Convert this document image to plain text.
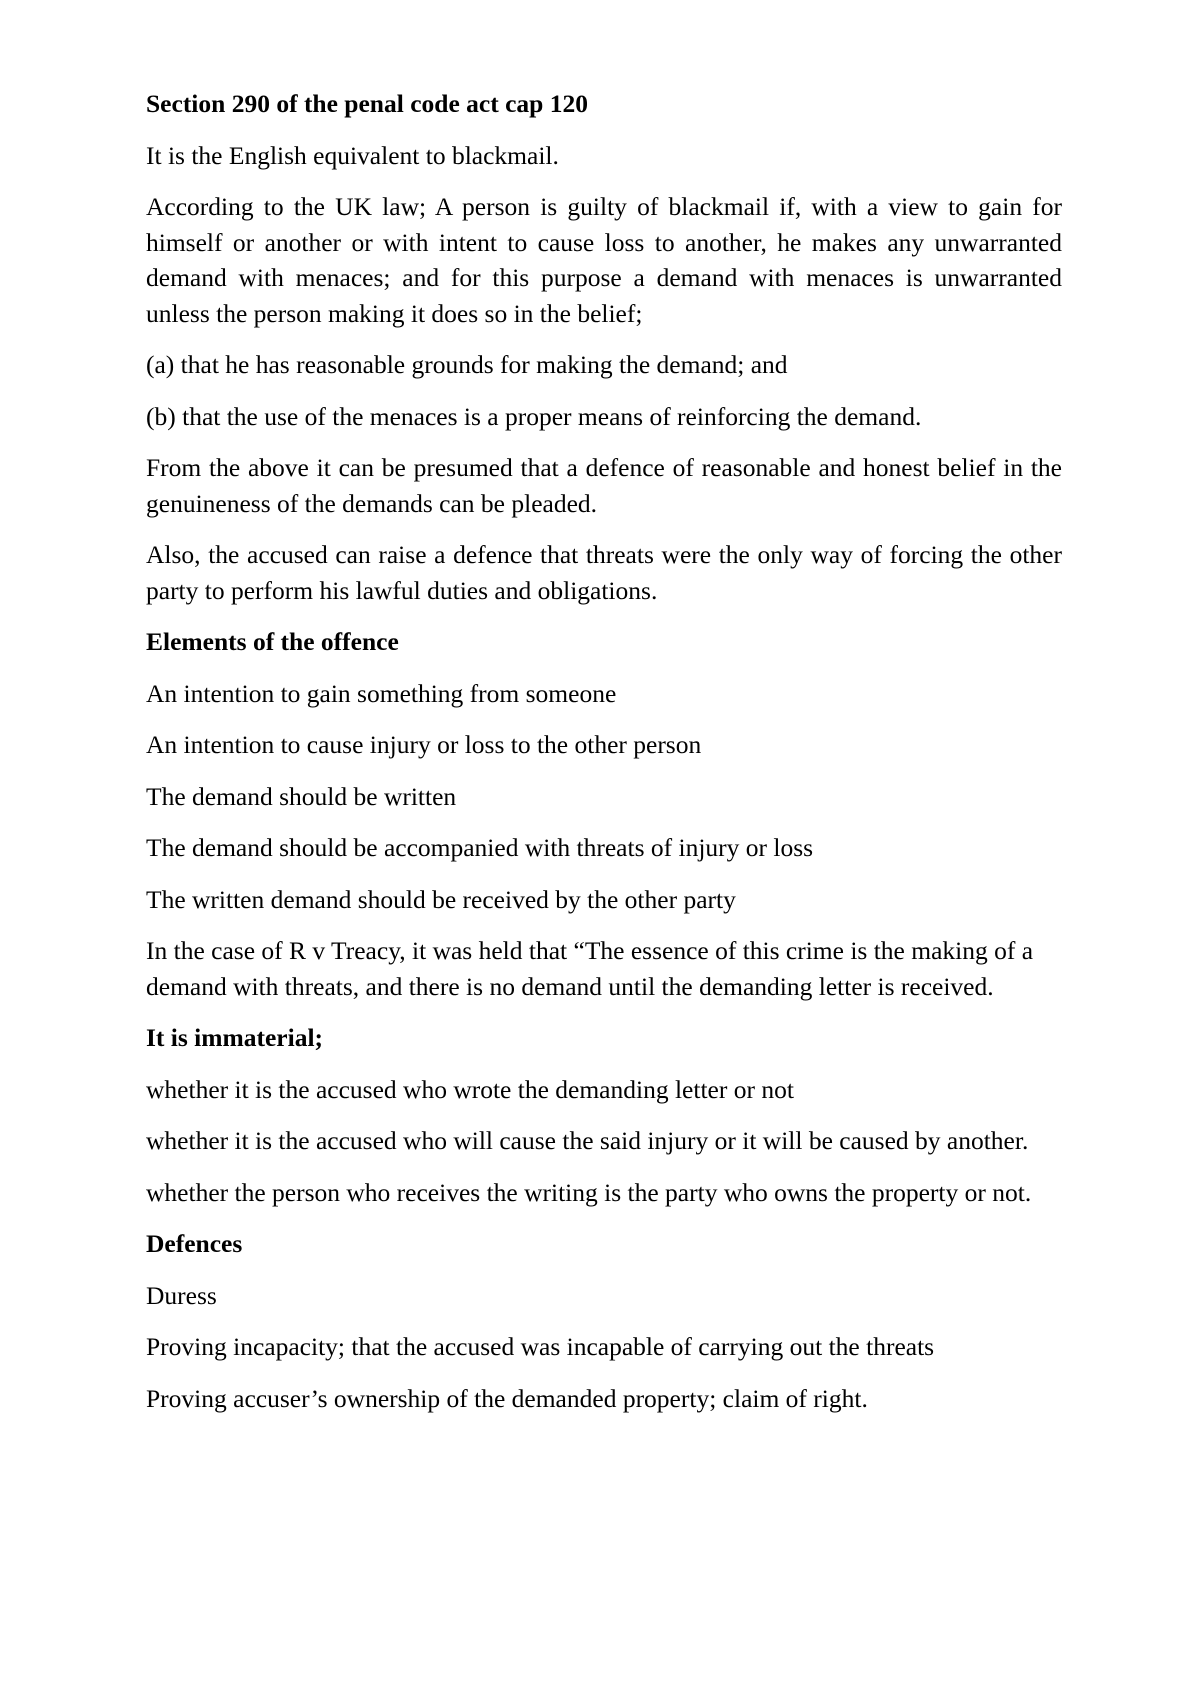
Section 290 of the penal code act cap 120

It is the English equivalent to blackmail.

According to the UK law; A person is guilty of blackmail if, with a view to gain for himself or another or with intent to cause loss to another, he makes any unwarranted demand with menaces; and for this purpose a demand with menaces is unwarranted unless the person making it does so in the belief;

(a) that he has reasonable grounds for making the demand; and

(b) that the use of the menaces is a proper means of reinforcing the demand.

From the above it can be presumed that a defence of reasonable and honest belief in the genuineness of the demands can be pleaded.

Also, the accused can raise a defence that threats were the only way of forcing the other party to perform his lawful duties and obligations.

Elements of the offence

An intention to gain something from someone

An intention to cause injury or loss to the other person

The demand should be written

The demand should be accompanied with threats of injury or loss

The written demand should be received by the other party

In the case of R v Treacy, it was held that “The essence of this crime is the making of a demand with threats, and there is no demand until the demanding letter is received.

It is immaterial;

whether it is the accused who wrote the demanding letter or not

whether it is the accused who will cause the said injury or it will be caused by another.

whether the person who receives the writing is the party who owns the property or not.

Defences

Duress

Proving incapacity; that the accused was incapable of carrying out the threats

Proving accuser’s ownership of the demanded property; claim of right.
